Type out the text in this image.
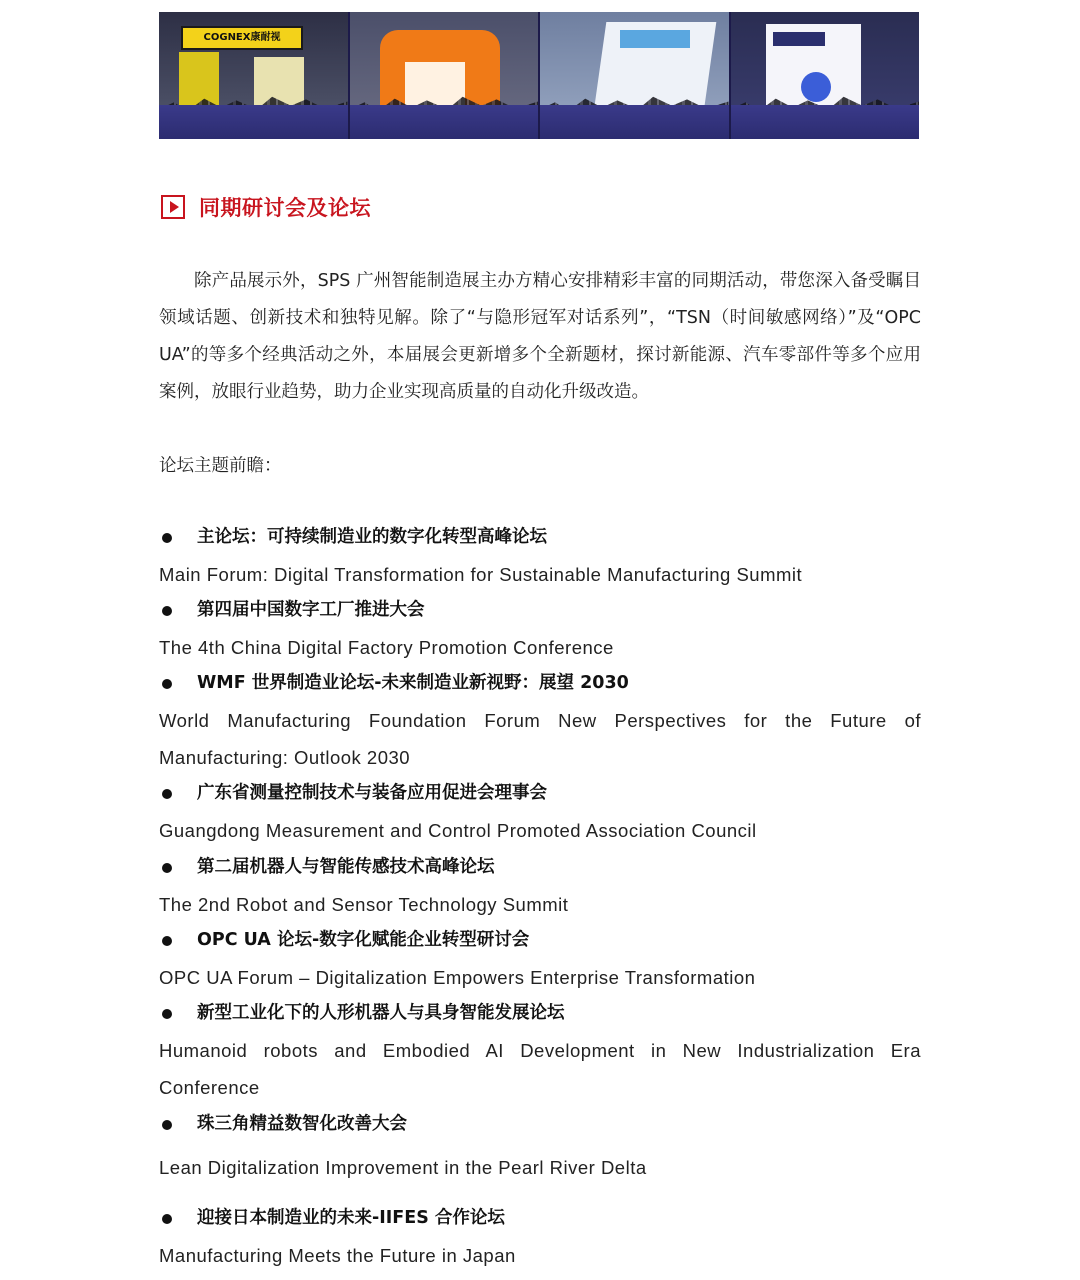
COGNEX康耐视
同期研讨会及论坛

除产品展示外，SPS 广州智能制造展主办方精心安排精彩丰富的同期活动，带您深入备受瞩目领域话题、创新技术和独特见解。除了“与隐形冠军对话系列”，“TSN（时间敏感网络）”及“OPC UA”的等多个经典活动之外，本届展会更新增多个全新题材，探讨新能源、汽车零部件等多个应用案例，放眼行业趋势，助力企业实现高质量的自动化升级改造。

论坛主题前瞻：

主论坛：可持续制造业的数字化转型高峰论坛
Main Forum: Digital Transformation for Sustainable Manufacturing Summit
第四届中国数字工厂推进大会
The 4th China Digital Factory Promotion Conference
WMF 世界制造业论坛-未来制造业新视野：展望 2030
World Manufacturing Foundation Forum New Perspectives for the Future of Manufacturing: Outlook 2030
广东省测量控制技术与装备应用促进会理事会
Guangdong Measurement and Control Promoted Association Council
第二届机器人与智能传感技术高峰论坛
The 2nd Robot and Sensor Technology Summit
OPC UA 论坛-数字化赋能企业转型研讨会
OPC UA Forum – Digitalization Empowers Enterprise Transformation
新型工业化下的人形机器人与具身智能发展论坛
Humanoid robots and Embodied AI Development in New Industrialization Era Conference
珠三角精益数智化改善大会
Lean Digitalization Improvement in the Pearl River Delta
迎接日本制造业的未来-IIFES 合作论坛
Manufacturing Meets the Future in Japan
